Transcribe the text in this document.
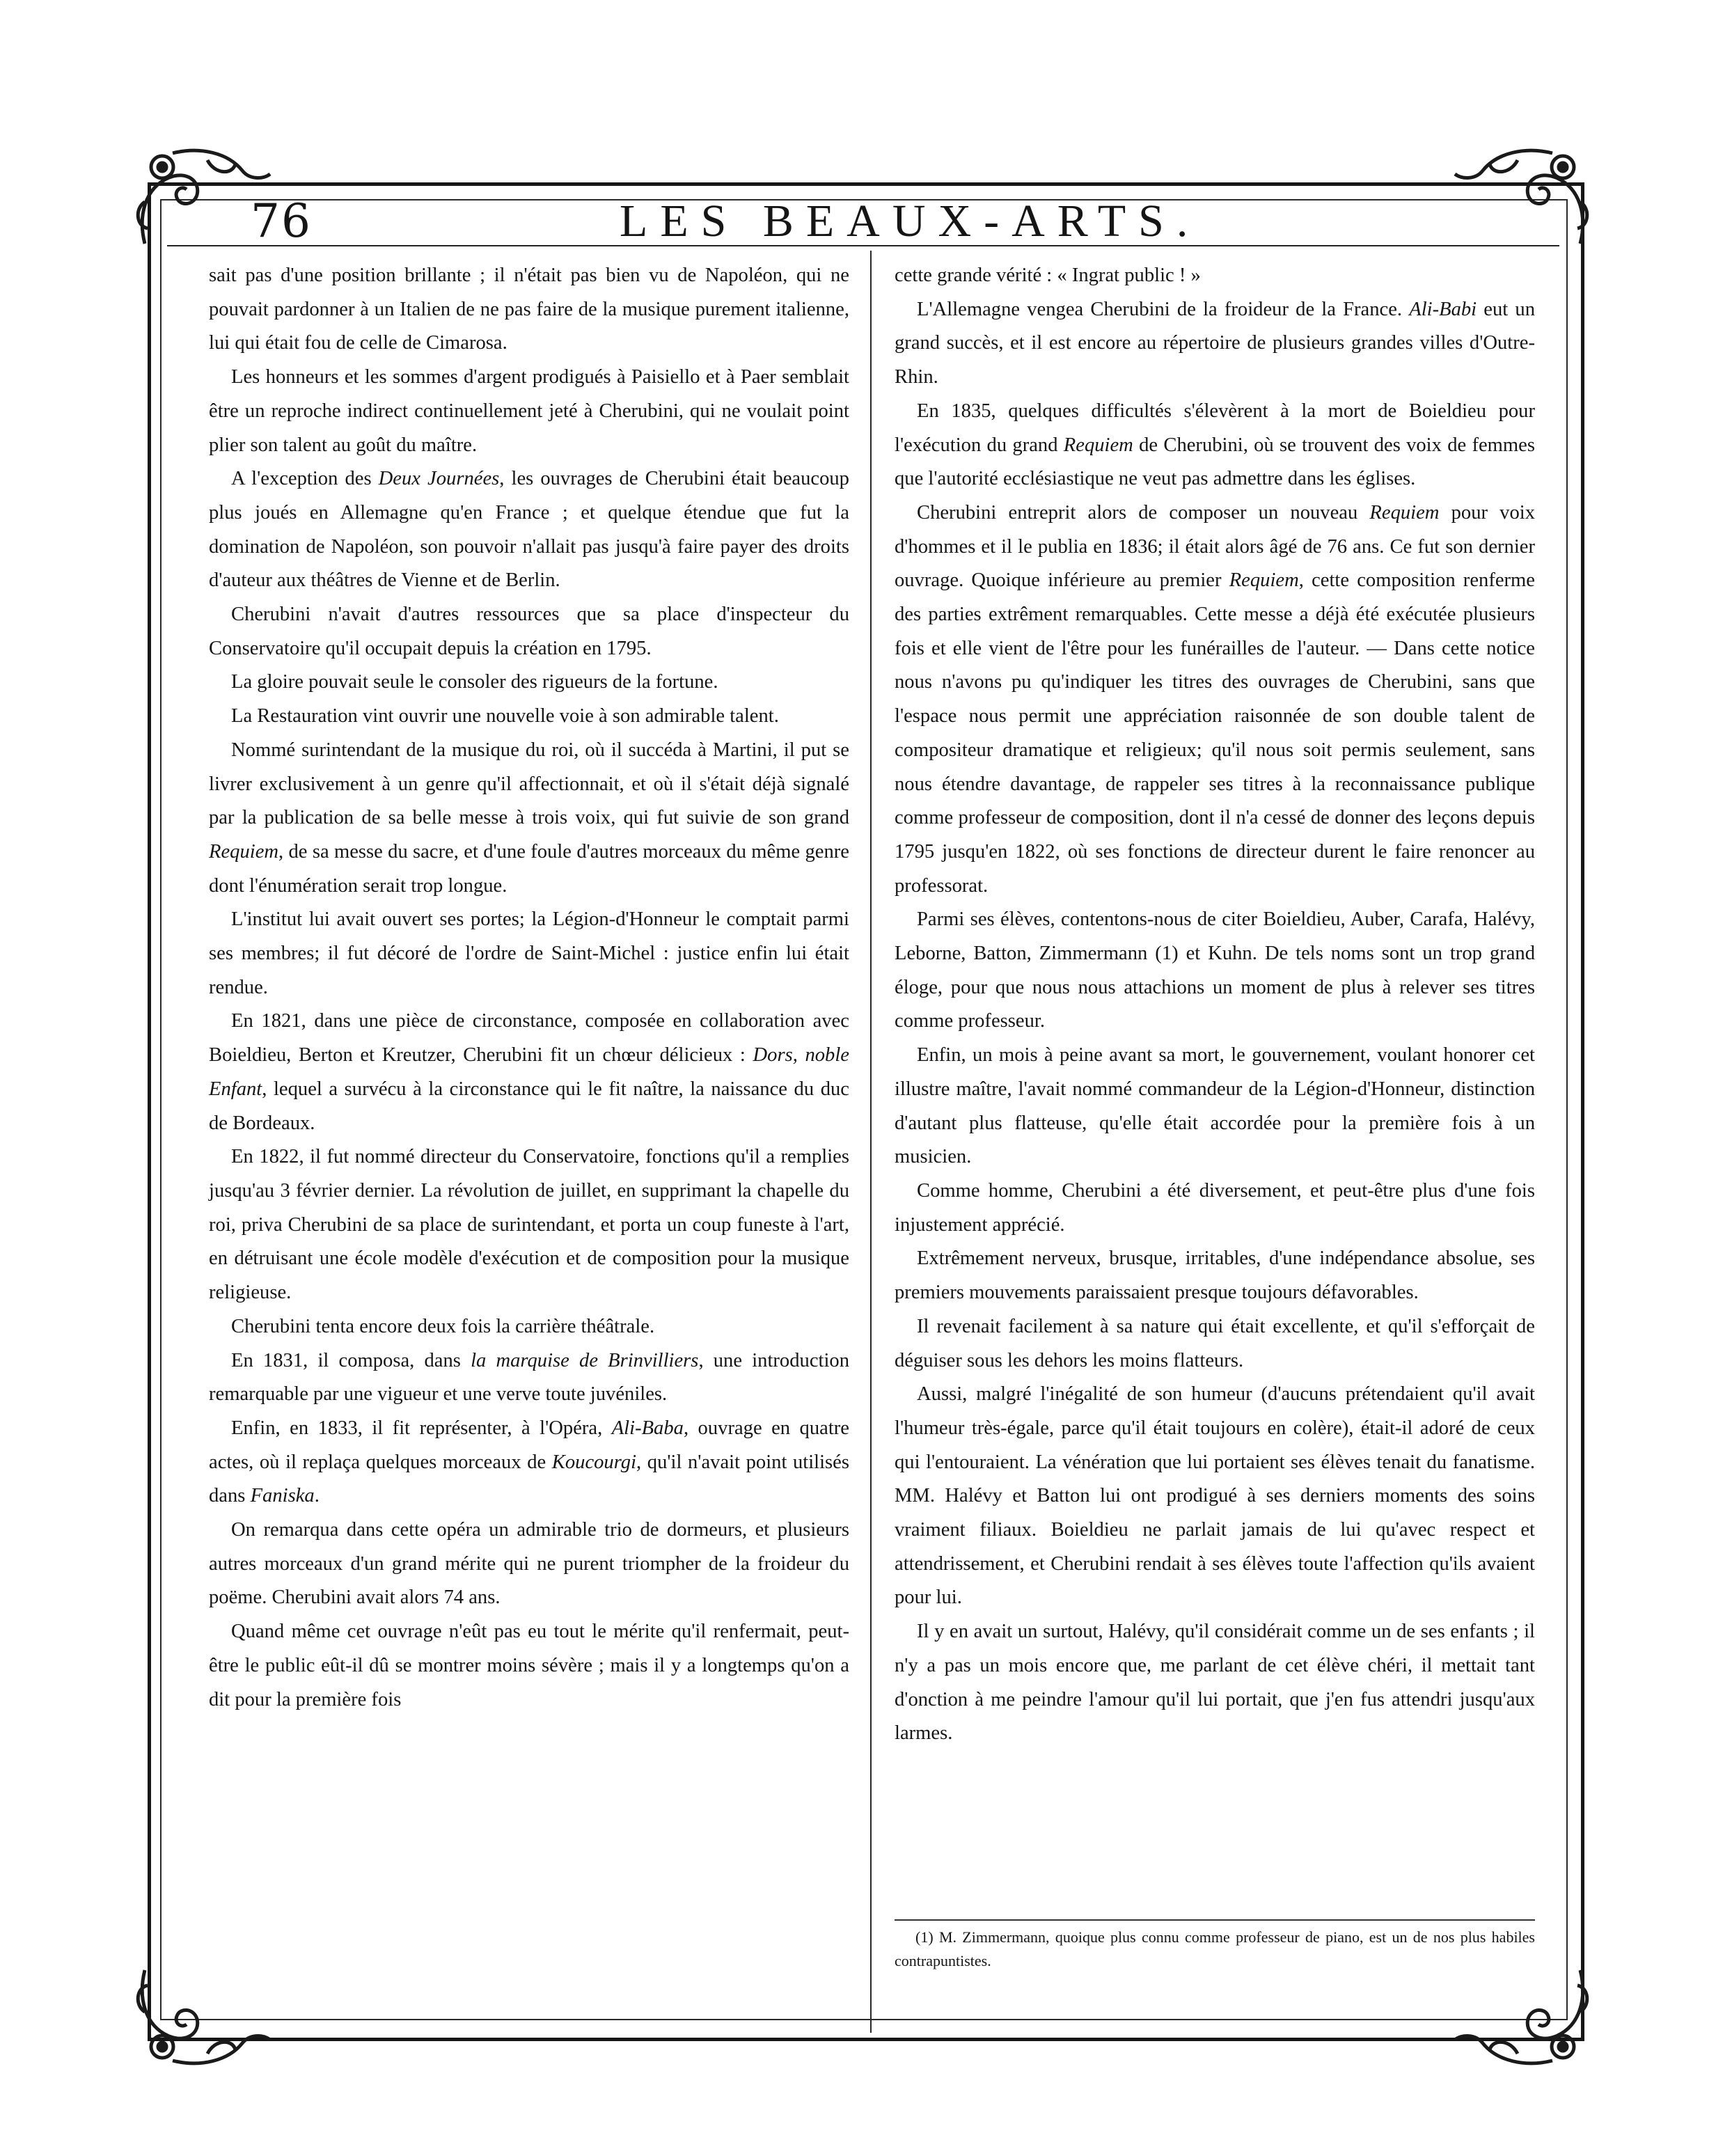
76	LES BEAUX-ARTS.

sait pas d'une position brillante ; il n'était pas bien vu de Napoléon, qui ne pouvait pardonner à un Italien de ne pas faire de la musique purement italienne, lui qui était fou de celle de Cimarosa.

Les honneurs et les sommes d'argent prodigués à Paisiello et à Paer semblait être un reproche indirect continuellement jeté à Cherubini, qui ne voulait point plier son talent au goût du maître.

A l'exception des Deux Journées, les ouvrages de Cherubini était beaucoup plus joués en Allemagne qu'en France ; et quelque étendue que fut la domination de Napoléon, son pouvoir n'allait pas jusqu'à faire payer des droits d'auteur aux théâtres de Vienne et de Berlin.

Cherubini n'avait d'autres ressources que sa place d'inspecteur du Conservatoire qu'il occupait depuis la création en 1795.

La gloire pouvait seule le consoler des rigueurs de la fortune.

La Restauration vint ouvrir une nouvelle voie à son admirable talent.

Nommé surintendant de la musique du roi, où il succéda à Martini, il put se livrer exclusivement à un genre qu'il affectionnait, et où il s'était déjà signalé par la publication de sa belle messe à trois voix, qui fut suivie de son grand Requiem, de sa messe du sacre, et d'une foule d'autres morceaux du même genre dont l'énumération serait trop longue.

L'institut lui avait ouvert ses portes; la Légion-d'Honneur le comptait parmi ses membres; il fut décoré de l'ordre de Saint-Michel : justice enfin lui était rendue.

En 1821, dans une pièce de circonstance, composée en collaboration avec Boieldieu, Berton et Kreutzer, Cherubini fit un chœur délicieux : Dors, noble Enfant, lequel a survécu à la circonstance qui le fit naître, la naissance du duc de Bordeaux.

En 1822, il fut nommé directeur du Conservatoire, fonctions qu'il a remplies jusqu'au 3 février dernier. La révolution de juillet, en supprimant la chapelle du roi, priva Cherubini de sa place de surintendant, et porta un coup funeste à l'art, en détruisant une école modèle d'exécution et de composition pour la musique religieuse.

Cherubini tenta encore deux fois la carrière théâtrale.

En 1831, il composa, dans la marquise de Brinvilliers, une introduction remarquable par une vigueur et une verve toute juvéniles.

Enfin, en 1833, il fit représenter, à l'Opéra, Ali-Baba, ouvrage en quatre actes, où il replaça quelques morceaux de Koucourgi, qu'il n'avait point utilisés dans Faniska.

On remarqua dans cette opéra un admirable trio de dormeurs, et plusieurs autres morceaux d'un grand mérite qui ne purent triompher de la froideur du poëme. Cherubini avait alors 74 ans.

Quand même cet ouvrage n'eût pas eu tout le mérite qu'il renfermait, peut-être le public eût-il dû se montrer moins sévère ; mais il y a longtemps qu'on a dit pour la première fois

cette grande vérité : « Ingrat public ! »

L'Allemagne vengea Cherubini de la froideur de la France. Ali-Babi eut un grand succès, et il est encore au répertoire de plusieurs grandes villes d'Outre-Rhin.

En 1835, quelques difficultés s'élevèrent à la mort de Boieldieu pour l'exécution du grand Requiem de Cherubini, où se trouvent des voix de femmes que l'autorité ecclésiastique ne veut pas admettre dans les églises.

Cherubini entreprit alors de composer un nouveau Requiem pour voix d'hommes et il le publia en 1836; il était alors âgé de 76 ans. Ce fut son dernier ouvrage. Quoique inférieure au premier Requiem, cette composition renferme des parties extrêment remarquables. Cette messe a déjà été exécutée plusieurs fois et elle vient de l'être pour les funérailles de l'auteur. — Dans cette notice nous n'avons pu qu'indiquer les titres des ouvrages de Cherubini, sans que l'espace nous permit une appréciation raisonnée de son double talent de compositeur dramatique et religieux; qu'il nous soit permis seulement, sans nous étendre davantage, de rappeler ses titres à la reconnaissance publique comme professeur de composition, dont il n'a cessé de donner des leçons depuis 1795 jusqu'en 1822, où ses fonctions de directeur durent le faire renoncer au professorat.

Parmi ses élèves, contentons-nous de citer Boieldieu, Auber, Carafa, Halévy, Leborne, Batton, Zimmermann (1) et Kuhn. De tels noms sont un trop grand éloge, pour que nous nous attachions un moment de plus à relever ses titres comme professeur.

Enfin, un mois à peine avant sa mort, le gouvernement, voulant honorer cet illustre maître, l'avait nommé commandeur de la Légion-d'Honneur, distinction d'autant plus flatteuse, qu'elle était accordée pour la première fois à un musicien.

Comme homme, Cherubini a été diversement, et peut-être plus d'une fois injustement apprécié.

Extrêmement nerveux, brusque, irritables, d'une indépendance absolue, ses premiers mouvements paraissaient presque toujours défavorables.

Il revenait facilement à sa nature qui était excellente, et qu'il s'efforçait de déguiser sous les dehors les moins flatteurs.

Aussi, malgré l'inégalité de son humeur (d'aucuns prétendaient qu'il avait l'humeur très-égale, parce qu'il était toujours en colère), était-il adoré de ceux qui l'entouraient. La vénération que lui portaient ses élèves tenait du fanatisme. MM. Halévy et Batton lui ont prodigué à ses derniers moments des soins vraiment filiaux. Boieldieu ne parlait jamais de lui qu'avec respect et attendrissement, et Cherubini rendait à ses élèves toute l'affection qu'ils avaient pour lui.

Il y en avait un surtout, Halévy, qu'il considérait comme un de ses enfants ; il n'y a pas un mois encore que, me parlant de cet élève chéri, il mettait tant d'onction à me peindre l'amour qu'il lui portait, que j'en fus attendri jusqu'aux larmes.

(1) M. Zimmermann, quoique plus connu comme professeur de piano, est un de nos plus habiles contrapuntistes.
